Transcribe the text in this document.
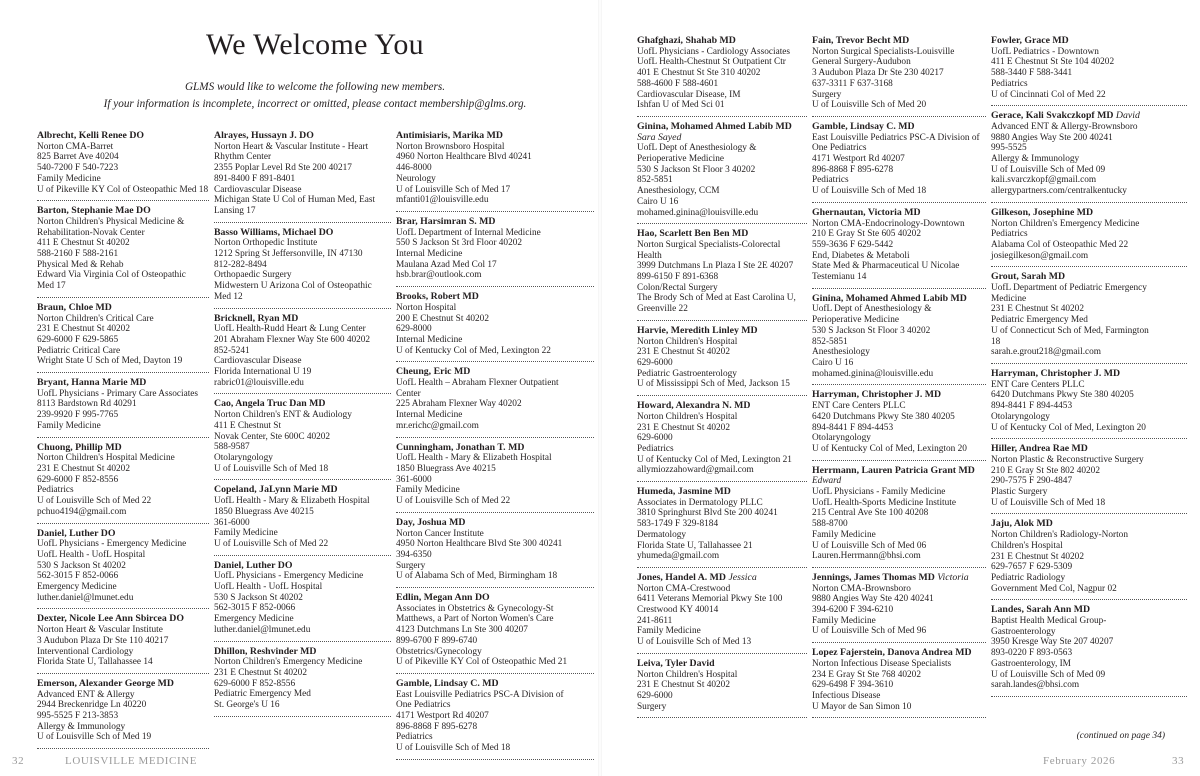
We Welcome You
GLMS would like to welcome the following new members.
If your information is incomplete, incorrect or omitted, please contact membership@glms.org.
Albrecht, Kelli Renee DO
Norton CMA-Barret
825 Barret Ave 40204
540-7200 F 540-7223
Family Medicine
U of Pikeville KY Col of Osteopathic Med 18
Barton, Stephanie Mae DO
Norton Children's Physical Medicine &
Rehabilitation-Novak Center
411 E Chestnut St 40202
588-2160 F 588-2161
Physical Med & Rehab
Edward Via Virginia Col of Osteopathic
Med 17
Braun, Chloe MD
Norton Children's Critical Care
231 E Chestnut St 40202
629-6000 F 629-5865
Pediatric Critical Care
Wright State U Sch of Med, Dayton 19
Bryant, Hanna Marie MD
UofL Physicians - Primary Care Associates
8113 Bardstown Rd 40291
239-9920 F 995-7765
Family Medicine
Chuong, Phillip MD
Norton Children's Hospital Medicine
231 E Chestnut St 40202
629-6000 F 852-8556
Pediatrics
U of Louisville Sch of Med 22
pchuo4194@gmail.com
Daniel, Luther DO
UofL Physicians - Emergency Medicine
UofL Health - UofL Hospital
530 S Jackson St 40202
562-3015 F 852-0066
Emergency Medicine
luther.daniel@lmunet.edu
Dexter, Nicole Lee Ann Sbircea DO
Norton Heart & Vascular Institute
3 Audubon Plaza Dr Ste 110 40217
Interventional Cardiology
Florida State U, Tallahassee 14
Emerson, Alexander George MD
Advanced ENT & Allergy
2944 Breckenridge Ln 40220
995-5525 F 213-3853
Allergy & Immunology
U of Louisville Sch of Med 19
Alrayes, Hussayn J. DO
Norton Heart & Vascular Institute - Heart
Rhythm Center
2355 Poplar Level Rd Ste 200 40217
891-8400 F 891-8401
Cardiovascular Disease
Michigan State U Col of Human Med, East
Lansing 17
Basso Williams, Michael DO
Norton Orthopedic Institute
1212 Spring St Jeffersonville, IN 47130
812-282-8494
Orthopaedic Surgery
Midwestern U Arizona Col of Osteopathic
Med 12
Bricknell, Ryan MD
UofL Health-Rudd Heart & Lung Center
201 Abraham Flexner Way Ste 600 40202
852-5241
Cardiovascular Disease
Florida International U 19
rabric01@louisville.edu
Cao, Angela Truc Dan MD
Norton Children's ENT & Audiology
411 E Chestnut St
Novak Center, Ste 600C 40202
588-9587
Otolaryngology
U of Louisville Sch of Med 18
Copeland, JaLynn Marie MD
UofL Health - Mary & Elizabeth Hospital
1850 Bluegrass Ave 40215
361-6000
Family Medicine
U of Louisville Sch of Med 22
Daniel, Luther DO
UofL Physicians - Emergency Medicine
UofL Health - UofL Hospital
530 S Jackson St 40202
562-3015 F 852-0066
Emergency Medicine
luther.daniel@lmunet.edu
Dhillon, Reshvinder MD
Norton Children's Emergency Medicine
231 E Chestnut St 40202
629-6000 F 852-8556
Pediatric Emergency Med
St. George's U 16
Antimisiaris, Marika MD
Norton Brownsboro Hospital
4960 Norton Healthcare Blvd 40241
446-8000
Neurology
U of Louisville Sch of Med 17
mfanti01@louisville.edu
Brar, Harsimran S. MD
UofL Department of Internal Medicine
550 S Jackson St 3rd Floor 40202
Internal Medicine
Maulana Azad Med Col 17
hsb.brar@outlook.com
Brooks, Robert MD
Norton Hospital
200 E Chestnut St 40202
629-8000
Internal Medicine
U of Kentucky Col of Med, Lexington 22
Cheung, Eric MD
UofL Health – Abraham Flexner Outpatient
Center
225 Abraham Flexner Way 40202
Internal Medicine
mr.erichc@gmail.com
Cunningham, Jonathan T. MD
UofL Health - Mary & Elizabeth Hospital
1850 Bluegrass Ave 40215
361-6000
Family Medicine
U of Louisville Sch of Med 22
Day, Joshua MD
Norton Cancer Institute
4950 Norton Healthcare Blvd Ste 300 40241
394-6350
Surgery
U of Alabama Sch of Med, Birmingham 18
Edlin, Megan Ann DO
Associates in Obstetrics & Gynecology-St
Matthews, a Part of Norton Women's Care
4123 Dutchmans Ln Ste 300 40207
899-6700 F 899-6740
Obstetrics/Gynecology
U of Pikeville KY Col of Osteopathic Med 21
Gamble, Lindsay C. MD
East Louisville Pediatrics PSC-A Division of
One Pediatrics
4171 Westport Rd 40207
896-8868 F 895-6278
Pediatrics
U of Louisville Sch of Med 18
Ghafghazi, Shahab MD
UofL Physicians - Cardiology Associates
UofL Health-Chestnut St Outpatient Ctr
401 E Chestnut St Ste 310 40202
588-4600 F 588-4601
Cardiovascular Disease, IM
Ishfan U of Med Sci 01
Ginina, Mohamed Ahmed Labib MD Sara Sayed
UofL Dept of Anesthesiology &
Perioperative Medicine
530 S Jackson St Floor 3 40202
852-5851
Anesthesiology, CCM
Cairo U 16
mohamed.ginina@louisville.edu
Hao, Scarlett Ben Ben MD
Norton Surgical Specialists-Colorectal
Health
3999 Dutchmans Ln Plaza I Ste 2E 40207
899-6150 F 891-6368
Colon/Rectal Surgery
The Brody Sch of Med at East Carolina U,
Greenville 22
Harvie, Meredith Linley MD
Norton Children's Hospital
231 E Chestnut St 40202
629-6000
Pediatric Gastroenterology
U of Mississippi Sch of Med, Jackson 15
Howard, Alexandra N. MD
Norton Children's Hospital
231 E Chestnut St 40202
629-6000
Pediatrics
U of Kentucky Col of Med, Lexington 21
allymiozzahoward@gmail.com
Humeda, Jasmine MD
Associates in Dermatology PLLC
3810 Springhurst Blvd Ste 200 40241
583-1749 F 329-8184
Dermatology
Florida State U, Tallahassee 21
yhumeda@gmail.com
Jones, Handel A. MD Jessica
Norton CMA-Crestwood
6411 Veterans Memorial Pkwy Ste 100
Crestwood KY 40014
241-8611
Family Medicine
U of Louisville Sch of Med 13
Leiva, Tyler David
Norton Children's Hospital
231 E Chestnut St 40202
629-6000
Surgery
Fain, Trevor Becht MD
Norton Surgical Specialists-Louisville
General Surgery-Audubon
3 Audubon Plaza Dr Ste 230 40217
637-3311 F 637-3168
Surgery
U of Louisville Sch of Med 20
Gamble, Lindsay C. MD
East Louisville Pediatrics PSC-A Division of
One Pediatrics
4171 Westport Rd 40207
896-8868 F 895-6278
Pediatrics
U of Louisville Sch of Med 18
Ghernautan, Victoria MD
Norton CMA-Endocrinology-Downtown
210 E Gray St Ste 605 40202
559-3636 F 629-5442
End, Diabetes & Metaboli
State Med & Pharmaceutical U Nicolae
Testemianu 14
Ginina, Mohamed Ahmed Labib MD
UofL Dept of Anesthesiology &
Perioperative Medicine
530 S Jackson St Floor 3 40202
852-5851
Anesthesiology
Cairo U 16
mohamed.ginina@louisville.edu
Harryman, Christopher J. MD
ENT Care Centers PLLC
6420 Dutchmans Pkwy Ste 380 40205
894-8441 F 894-4453
Otolaryngology
U of Kentucky Col of Med, Lexington 20
Herrmann, Lauren Patricia Grant MD
Edward
UofL Physicians - Family Medicine
UofL Health-Sports Medicine Institute
215 Central Ave Ste 100 40208
588-8700
Family Medicine
U of Louisville Sch of Med 06
Lauren.Herrmann@bhsi.com
Jennings, James Thomas MD Victoria
Norton CMA-Brownsboro
9880 Angies Way Ste 420 40241
394-6200 F 394-6210
Family Medicine
U of Louisville Sch of Med 96
Lopez Fajerstein, Danova Andrea MD
Norton Infectious Disease Specialists
234 E Gray St Ste 768 40202
629-6498 F 394-3610
Infectious Disease
U Mayor de San Simon 10
Fowler, Grace MD
UofL Pediatrics - Downtown
411 E Chestnut St Ste 104 40202
588-3440 F 588-3441
Pediatrics
U of Cincinnati Col of Med 22
Gerace, Kali Svakczkopf MD David
Advanced ENT & Allergy-Brownsboro
9880 Angies Way Ste 200 40241
995-5525
Allergy & Immunology
U of Louisville Sch of Med 09
kali.svarczkopf@gmail.com
allergypartners.com/centralkentucky
Gilkeson, Josephine MD
Norton Children's Emergency Medicine
Pediatrics
Alabama Col of Osteopathic Med 22
josiegilkeson@gmail.com
Grout, Sarah MD
UofL Department of Pediatric Emergency
Medicine
231 E Chestnut St 40202
Pediatric Emergency Med
U of Connecticut Sch of Med, Farmington
18
sarah.e.grout218@gmail.com
Harryman, Christopher J. MD
ENT Care Centers PLLC
6420 Dutchmans Pkwy Ste 380 40205
894-8441 F 894-4453
Otolaryngology
U of Kentucky Col of Med, Lexington 20
Hiller, Andrea Rae MD
Norton Plastic & Reconstructive Surgery
210 E Gray St Ste 802 40202
290-7575 F 290-4847
Plastic Surgery
U of Louisville Sch of Med 18
Jaju, Alok MD
Norton Children's Radiology-Norton
Children's Hospital
231 E Chestnut St 40202
629-7657 F 629-5309
Pediatric Radiology
Government Med Col, Nagpur 02
Landes, Sarah Ann MD
Baptist Health Medical Group-
Gastroenterology
3950 Kresge Way Ste 207 40207
893-0220 F 893-0563
Gastroenterology, IM
U of Louisville Sch of Med 09
sarah.landes@bhsi.com
(continued on page 34)
32	LOUISVILLE MEDICINE	February 2026	33
